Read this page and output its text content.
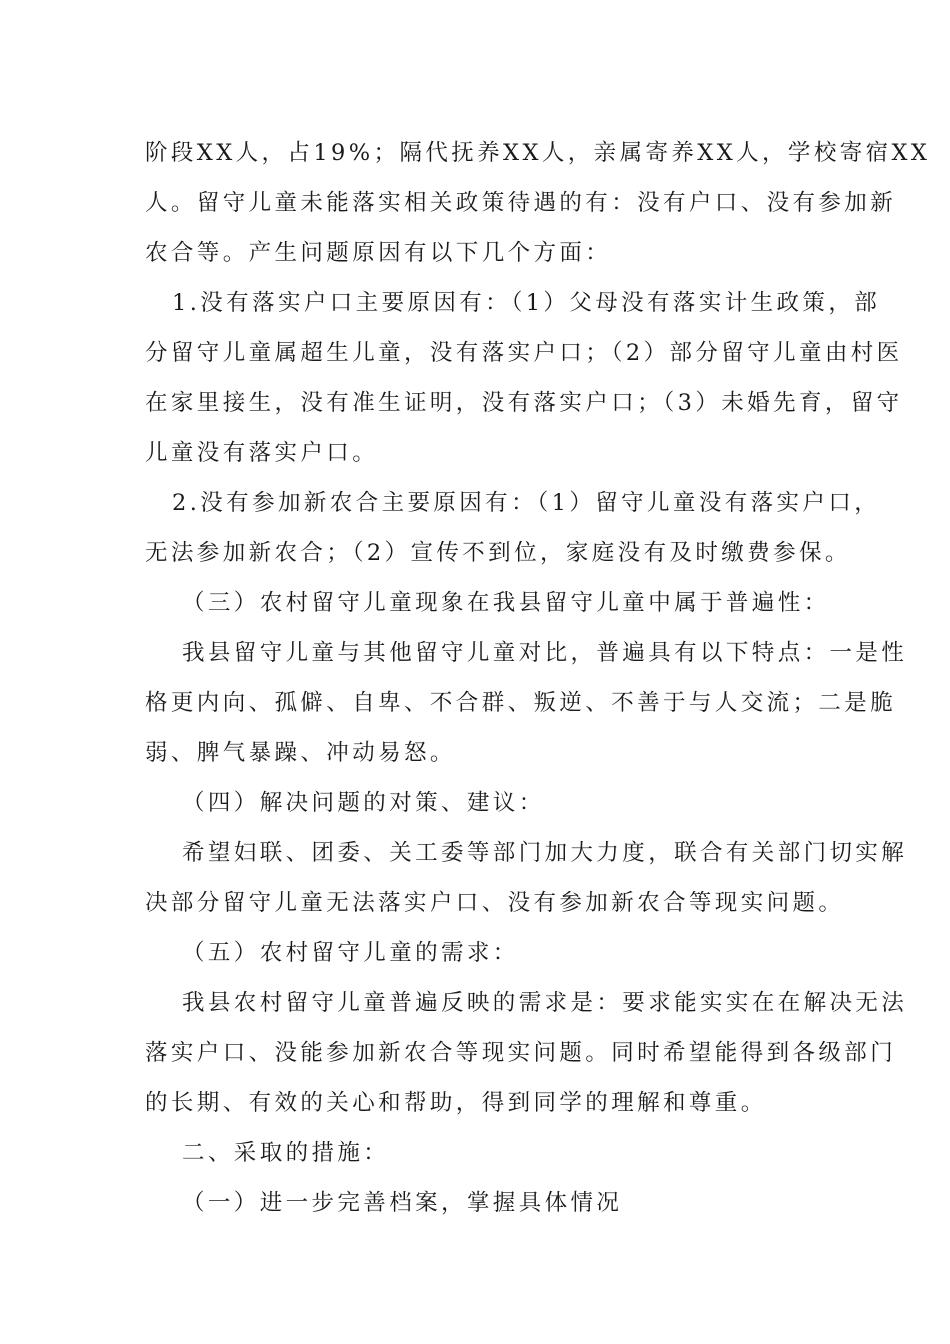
阶段XX人，占19%；隔代抚养XX人，亲属寄养XX人，学校寄宿XX
人。留守儿童未能落实相关政策待遇的有：没有户口、没有参加新
农合等。产生问题原因有以下几个方面：
1.没有落实户口主要原因有：（1）父母没有落实计生政策，部
分留守儿童属超生儿童，没有落实户口；（2）部分留守儿童由村医
在家里接生，没有准生证明，没有落实户口；（3）未婚先育，留守
儿童没有落实户口。
2.没有参加新农合主要原因有：（1）留守儿童没有落实户口，
无法参加新农合；（2）宣传不到位，家庭没有及时缴费参保。
（三）农村留守儿童现象在我县留守儿童中属于普遍性：
我县留守儿童与其他留守儿童对比，普遍具有以下特点：一是性
格更内向、孤僻、自卑、不合群、叛逆、不善于与人交流；二是脆
弱、脾气暴躁、冲动易怒。
（四）解决问题的对策、建议：
希望妇联、团委、关工委等部门加大力度，联合有关部门切实解
决部分留守儿童无法落实户口、没有参加新农合等现实问题。
（五）农村留守儿童的需求：
我县农村留守儿童普遍反映的需求是：要求能实实在在解决无法
落实户口、没能参加新农合等现实问题。同时希望能得到各级部门
的长期、有效的关心和帮助，得到同学的理解和尊重。
二、采取的措施：
（一）进一步完善档案，掌握具体情况
